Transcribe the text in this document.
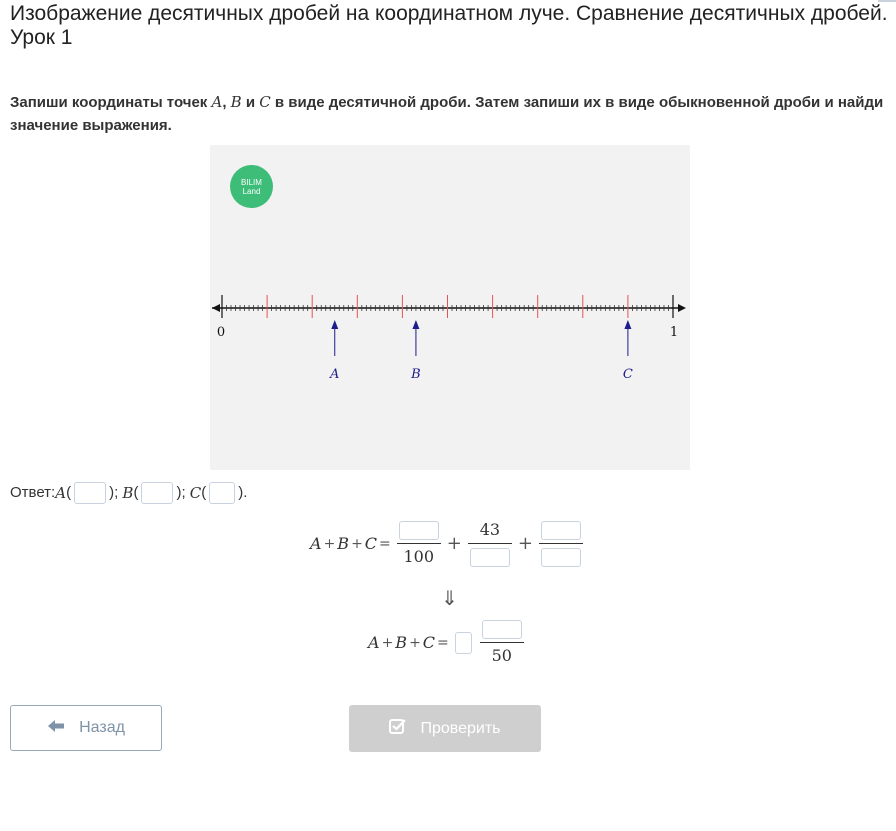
Изображение десятичных дробей на координатном луче. Сравнение десятичных дробей. Урок 1
Запиши координаты точек A, B и C в виде десятичной дроби. Затем запиши их в виде обыкновенной дроби и найди значение выражения.
BILIM
Land
0	1
A	B	C
Ответ: A (	);
B (	);
C ( ).
A + B + C =
100
+
43
+
⇓
A + B + C =
50
Назад	Проверить
